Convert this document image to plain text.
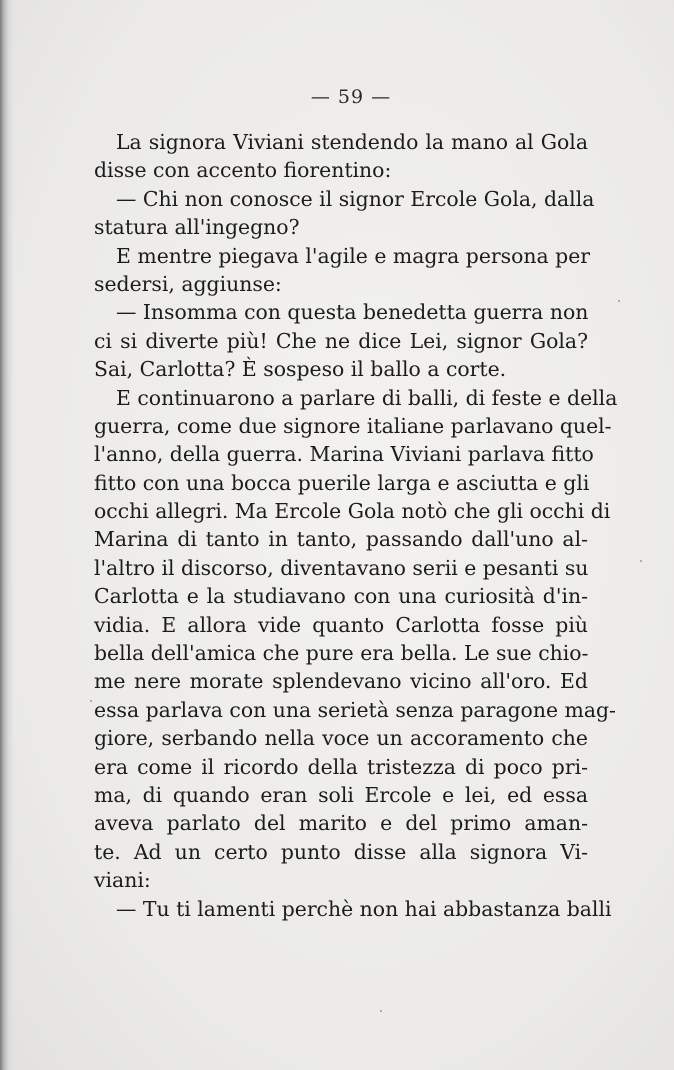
— 59 —
La signora Viviani stendendo la mano al Gola
disse con accento fiorentino:
— Chi non conosce il signor Ercole Gola, dalla
statura all'ingegno?
E mentre piegava l'agile e magra persona per
sedersi, aggiunse:
— Insomma con questa benedetta guerra non
ci si diverte più! Che ne dice Lei, signor Gola?
Sai, Carlotta? È sospeso il ballo a corte.
E continuarono a parlare di balli, di feste e della
guerra, come due signore italiane parlavano quel-
l'anno, della guerra. Marina Viviani parlava fitto
fitto con una bocca puerile larga e asciutta e gli
occhi allegri. Ma Ercole Gola notò che gli occhi di
Marina di tanto in tanto, passando dall'uno al-
l'altro il discorso, diventavano serii e pesanti su
Carlotta e la studiavano con una curiosità d'in-
vidia. E allora vide quanto Carlotta fosse più
bella dell'amica che pure era bella. Le sue chio-
me nere morate splendevano vicino all'oro. Ed
essa parlava con una serietà senza paragone mag-
giore, serbando nella voce un accoramento che
era come il ricordo della tristezza di poco pri-
ma, di quando eran soli Ercole e lei, ed essa
aveva parlato del marito e del primo aman-
te. Ad un certo punto disse alla signora Vi-
viani:
— Tu ti lamenti perchè non hai abbastanza balli
